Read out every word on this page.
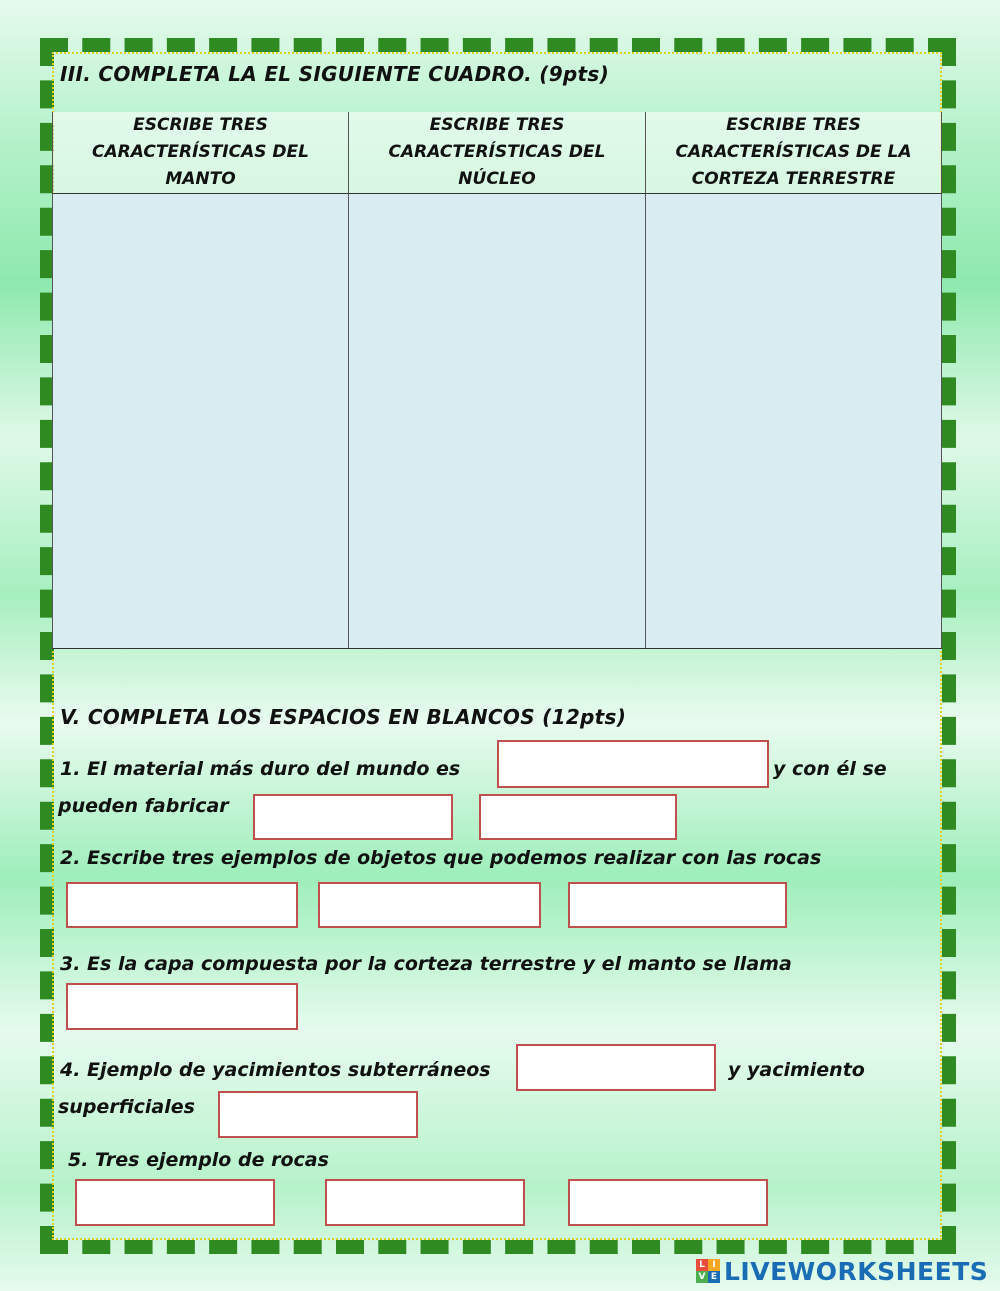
III. COMPLETA LA EL SIGUIENTE CUADRO. (9pts)
ESCRIBE TRES CARACTERÍSTICAS DEL MANTO
ESCRIBE TRES CARACTERÍSTICAS DEL NÚCLEO
ESCRIBE TRES CARACTERÍSTICAS DE LA CORTEZA TERRESTRE
V. COMPLETA LOS ESPACIOS EN BLANCOS (12pts)
1. El material más duro del mundo es	y con él se
pueden fabricar
2. Escribe tres ejemplos de objetos que podemos realizar con las rocas
3. Es la capa compuesta por la corteza terrestre y el manto se llama
4. Ejemplo de yacimientos subterráneos	y yacimiento
superficiales
5. Tres ejemplo de rocas
L I
V E LIVEWORKSHEETS
